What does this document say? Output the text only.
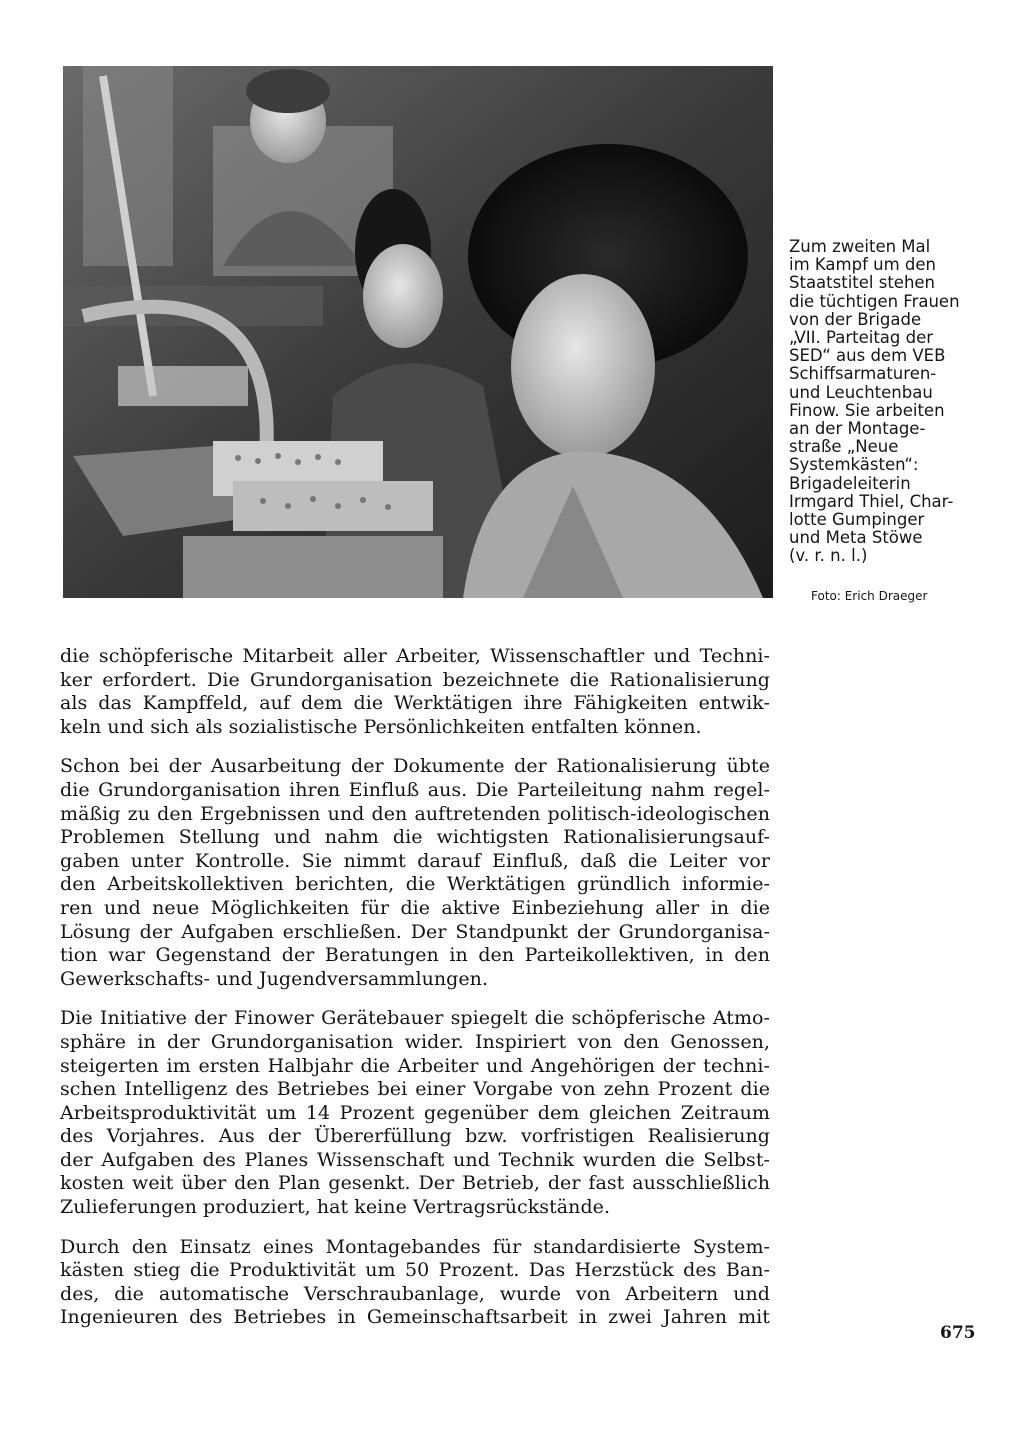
Zum zweiten Mal
im Kampf um den
Staatstitel stehen
die tüchtigen Frauen
von der Brigade
„VII. Parteitag der
SED“ aus dem VEB
Schiffsarmaturen-
und Leuchtenbau
Finow. Sie arbeiten
an der Montage-
straße „Neue
Systemkästen“:
Brigadeleiterin
Irmgard Thiel, Char-
lotte Gumpinger
und Meta Stöwe
(v. r. n. l.)
Foto: Erich Draeger
die schöpferische Mitarbeit aller Arbeiter, Wissenschaftler und Techni-
ker erfordert. Die Grundorganisation bezeichnete die Rationalisierung
als das Kampffeld, auf dem die Werktätigen ihre Fähigkeiten entwik-
keln und sich als sozialistische Persönlichkeiten entfalten können.
Schon bei der Ausarbeitung der Dokumente der Rationalisierung übte
die Grundorganisation ihren Einfluß aus. Die Parteileitung nahm regel-
mäßig zu den Ergebnissen und den auftretenden politisch-ideologischen
Problemen Stellung und nahm die wichtigsten Rationalisierungsauf-
gaben unter Kontrolle. Sie nimmt darauf Einfluß, daß die Leiter vor
den Arbeitskollektiven berichten, die Werktätigen gründlich informie-
ren und neue Möglichkeiten für die aktive Einbeziehung aller in die
Lösung der Aufgaben erschließen. Der Standpunkt der Grundorganisa-
tion war Gegenstand der Beratungen in den Parteikollektiven, in den
Gewerkschafts- und Jugendversammlungen.
Die Initiative der Finower Gerätebauer spiegelt die schöpferische Atmo-
sphäre in der Grundorganisation wider. Inspiriert von den Genossen,
steigerten im ersten Halbjahr die Arbeiter und Angehörigen der techni-
schen Intelligenz des Betriebes bei einer Vorgabe von zehn Prozent die
Arbeitsproduktivität um 14 Prozent gegenüber dem gleichen Zeitraum
des Vorjahres. Aus der Übererfüllung bzw. vorfristigen Realisierung
der Aufgaben des Planes Wissenschaft und Technik wurden die Selbst-
kosten weit über den Plan gesenkt. Der Betrieb, der fast ausschließlich
Zulieferungen produziert, hat keine Vertragsrückstände.
Durch den Einsatz eines Montagebandes für standardisierte System-
kästen stieg die Produktivität um 50 Prozent. Das Herzstück des Ban-
des, die automatische Verschraubanlage, wurde von Arbeitern und
Ingenieuren des Betriebes in Gemeinschaftsarbeit in zwei Jahren mit
675
